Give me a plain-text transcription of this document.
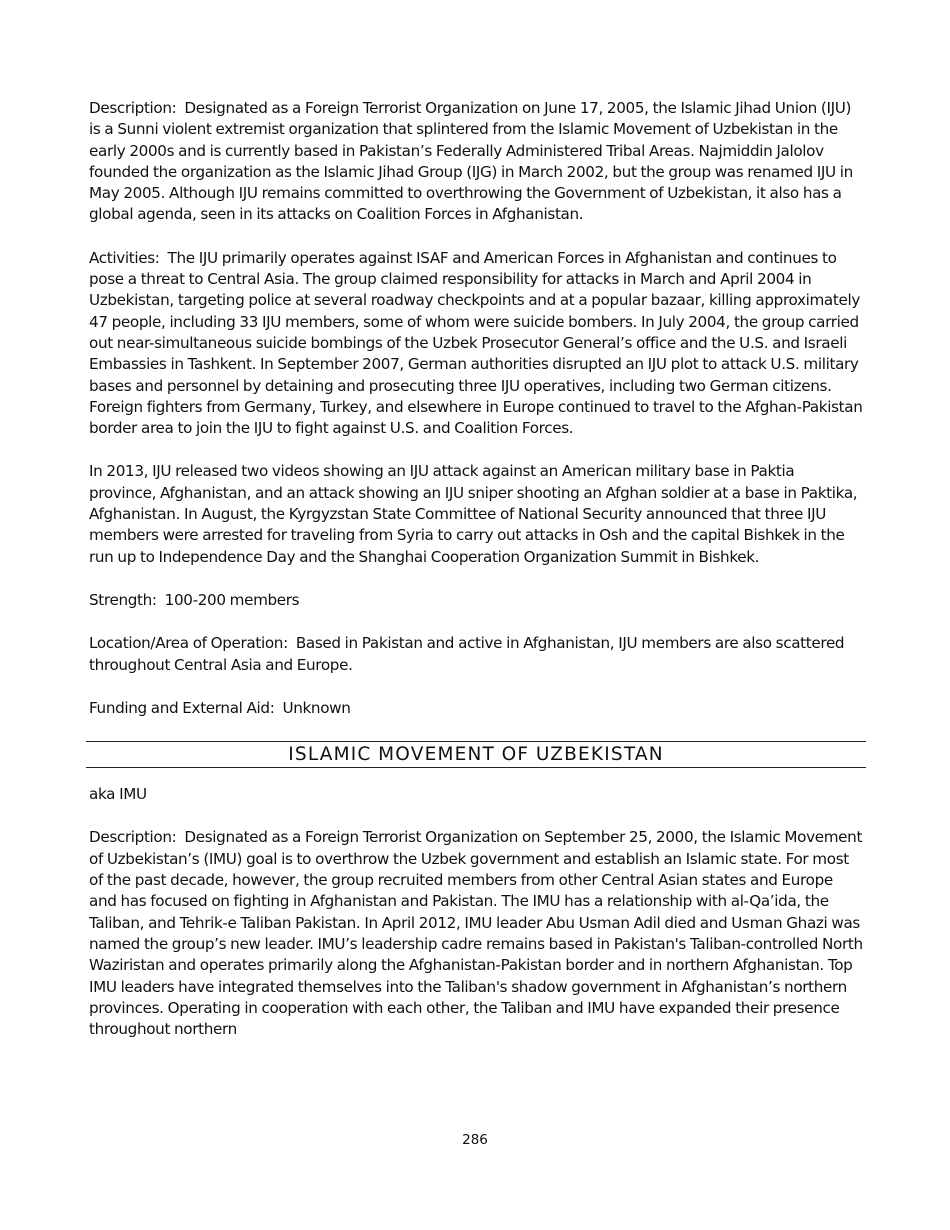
Description: Designated as a Foreign Terrorist Organization on June 17, 2005, the Islamic Jihad Union (IJU) is a Sunni violent extremist organization that splintered from the Islamic Movement of Uzbekistan in the early 2000s and is currently based in Pakistan’s Federally Administered Tribal Areas. Najmiddin Jalolov founded the organization as the Islamic Jihad Group (IJG) in March 2002, but the group was renamed IJU in May 2005. Although IJU remains committed to overthrowing the Government of Uzbekistan, it also has a global agenda, seen in its attacks on Coalition Forces in Afghanistan.

Activities: The IJU primarily operates against ISAF and American Forces in Afghanistan and continues to pose a threat to Central Asia. The group claimed responsibility for attacks in March and April 2004 in Uzbekistan, targeting police at several roadway checkpoints and at a popular bazaar, killing approximately 47 people, including 33 IJU members, some of whom were suicide bombers. In July 2004, the group carried out near-simultaneous suicide bombings of the Uzbek Prosecutor General’s office and the U.S. and Israeli Embassies in Tashkent. In September 2007, German authorities disrupted an IJU plot to attack U.S. military bases and personnel by detaining and prosecuting three IJU operatives, including two German citizens. Foreign fighters from Germany, Turkey, and elsewhere in Europe continued to travel to the Afghan-Pakistan border area to join the IJU to fight against U.S. and Coalition Forces.

In 2013, IJU released two videos showing an IJU attack against an American military base in Paktia province, Afghanistan, and an attack showing an IJU sniper shooting an Afghan soldier at a base in Paktika, Afghanistan. In August, the Kyrgyzstan State Committee of National Security announced that three IJU members were arrested for traveling from Syria to carry out attacks in Osh and the capital Bishkek in the run up to Independence Day and the Shanghai Cooperation Organization Summit in Bishkek.

Strength: 100-200 members

Location/Area of Operation: Based in Pakistan and active in Afghanistan, IJU members are also scattered throughout Central Asia and Europe.

Funding and External Aid: Unknown

ISLAMIC MOVEMENT OF UZBEKISTAN

aka IMU

Description: Designated as a Foreign Terrorist Organization on September 25, 2000, the Islamic Movement of Uzbekistan’s (IMU) goal is to overthrow the Uzbek government and establish an Islamic state. For most of the past decade, however, the group recruited members from other Central Asian states and Europe and has focused on fighting in Afghanistan and Pakistan. The IMU has a relationship with al-Qa’ida, the Taliban, and Tehrik-e Taliban Pakistan. In April 2012, IMU leader Abu Usman Adil died and Usman Ghazi was named the group’s new leader. IMU’s leadership cadre remains based in Pakistan's Taliban-controlled North Waziristan and operates primarily along the Afghanistan-Pakistan border and in northern Afghanistan. Top IMU leaders have integrated themselves into the Taliban's shadow government in Afghanistan’s northern provinces. Operating in cooperation with each other, the Taliban and IMU have expanded their presence throughout northern

286
